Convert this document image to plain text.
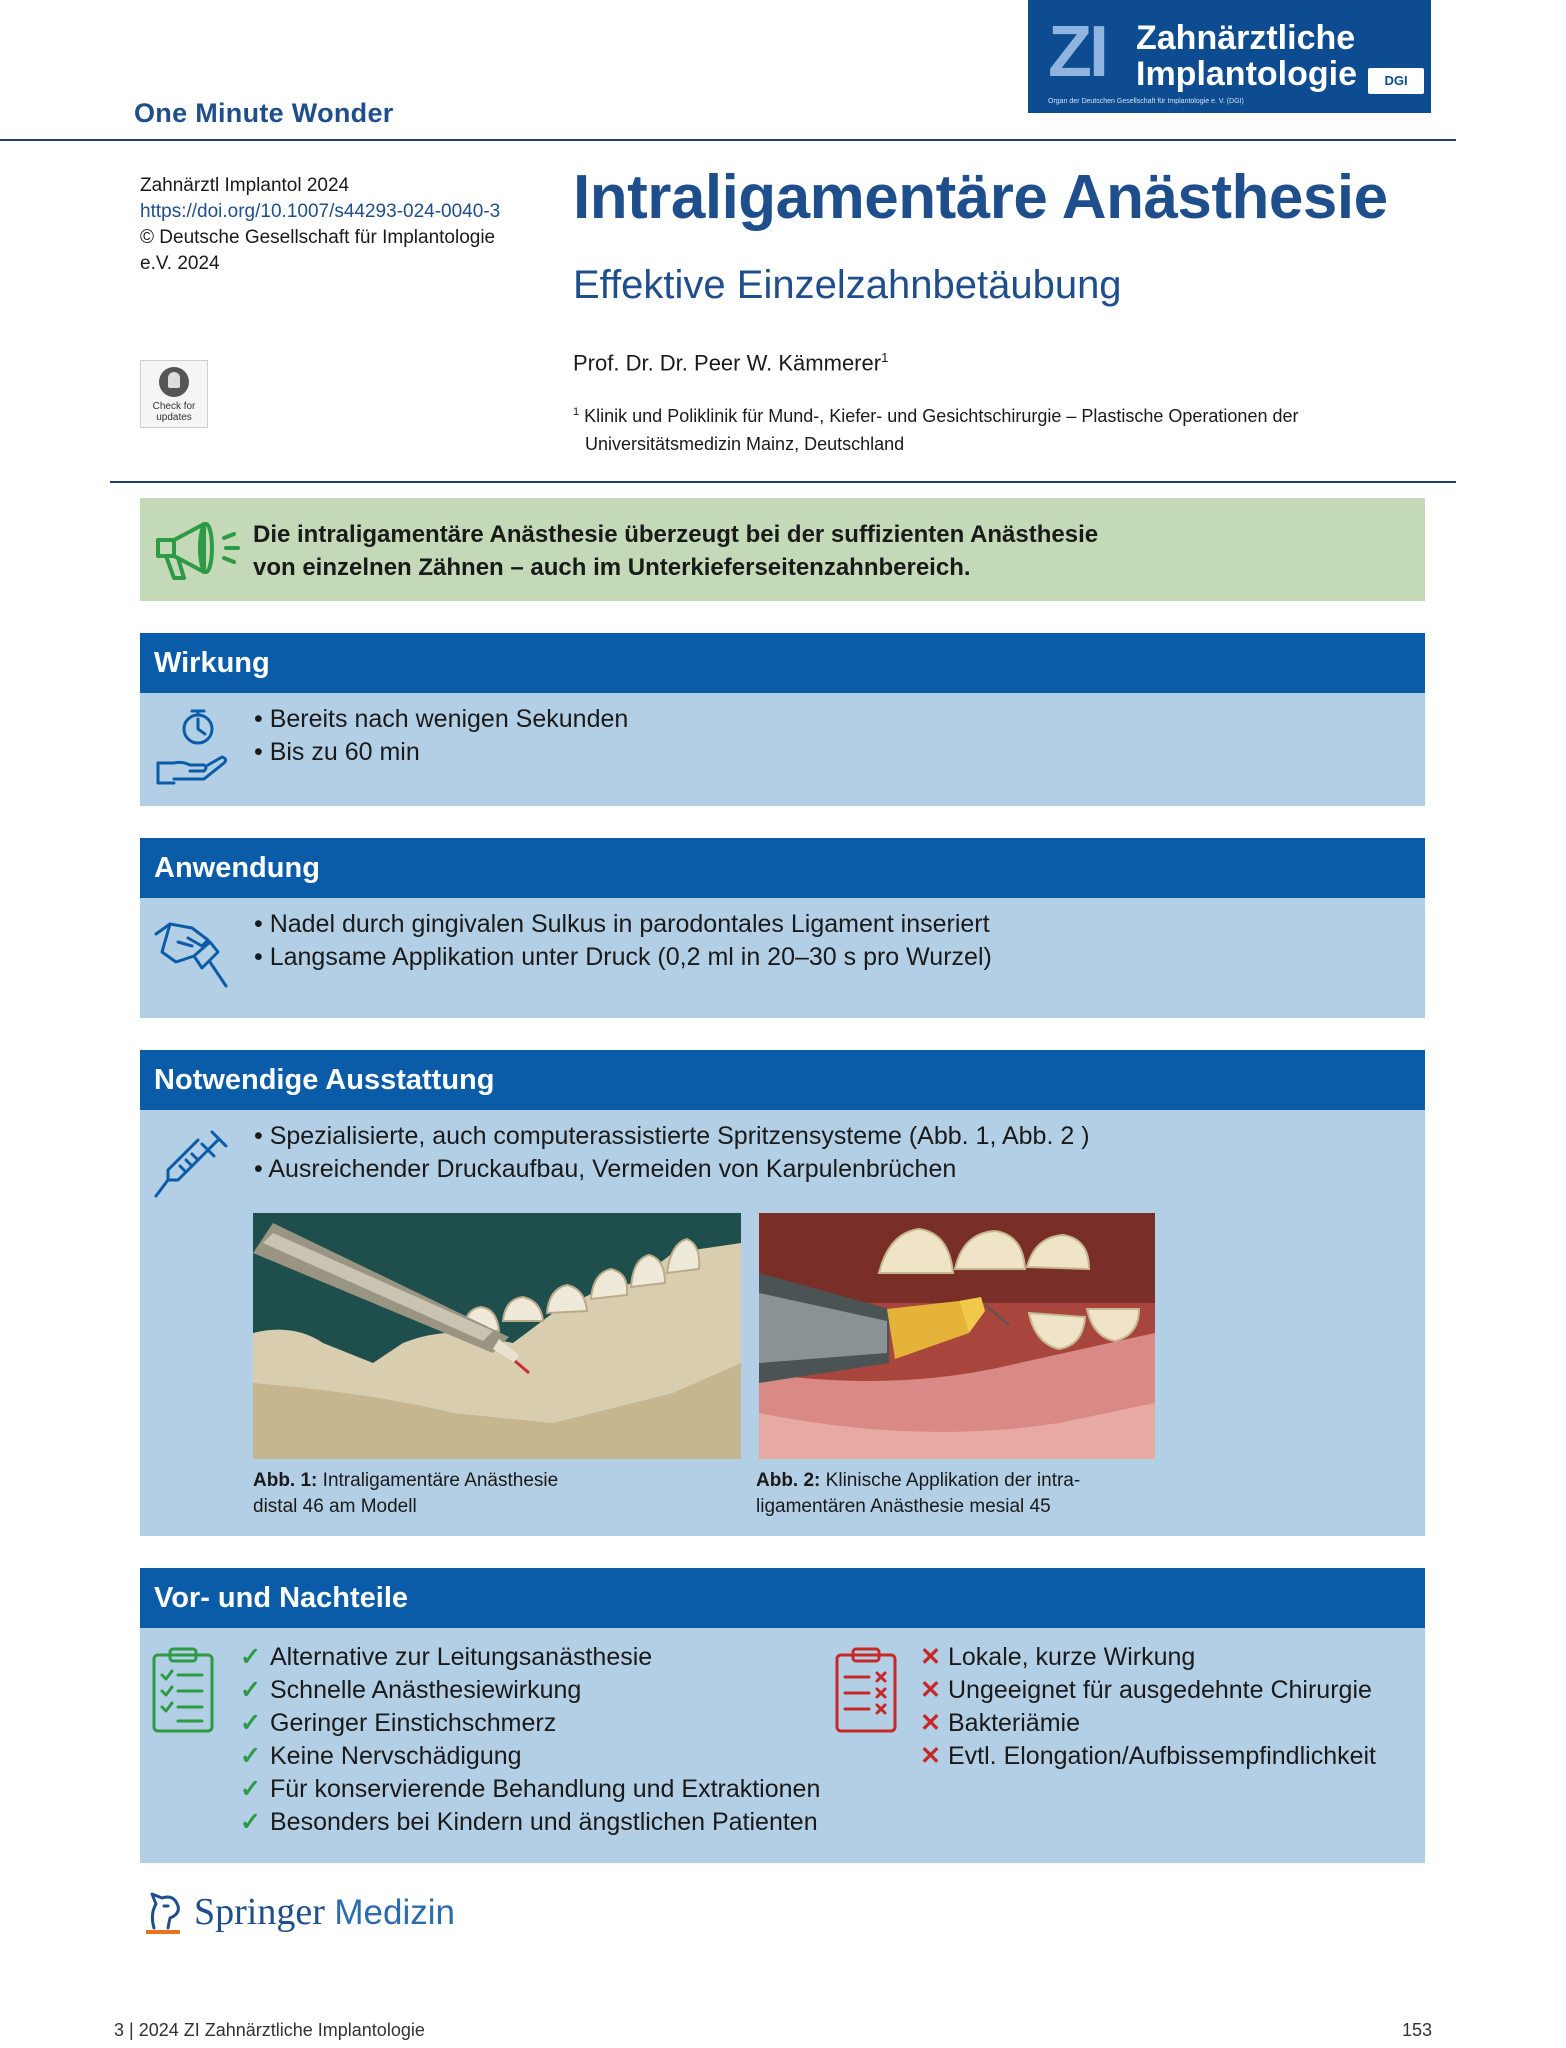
One Minute Wonder
ZI Zahnärztliche
Implantologie	DGI
Organ der Deutschen Gesellschaft für Implantologie e. V. (DGI)
Zahnärztl Implantol 2024
https://doi.org/10.1007/s44293-024-0040-3
© Deutsche Gesellschaft für Implantologie
e.V. 2024
Check for updates
Intraligamentäre Anästhesie
Effektive Einzelzahnbetäubung
Prof. Dr. Dr. Peer W. Kämmerer$^1$
$^1$ Klinik und Poliklinik für Mund-, Kiefer- und Gesichtschirurgie – Plastische Operationen der
Universitätsmedizin Mainz, Deutschland
Die intraligamentäre Anästhesie überzeugt bei der suffizienten Anästhesie
von einzelnen Zähnen – auch im Unterkieferseitenzahnbereich.
Wirkung
• Bereits nach wenigen Sekunden
• Bis zu 60 min
Anwendung
• Nadel durch gingivalen Sulkus in parodontales Ligament inseriert
• Langsame Applikation unter Druck (0,2 ml in 20–30 s pro Wurzel)
Notwendige Ausstattung
• Spezialisierte, auch computerassistierte Spritzensysteme (Abb. 1, Abb. 2 )
• Ausreichender Druckaufbau, Vermeiden von Karpulenbrüchen
Abb. 1: Intraligamentäre Anästhesie
distal 46 am Modell
Abb. 2: Klinische Applikation der intra-
ligamentären Anästhesie mesial 45
Vor- und Nachteile
✓ Alternative zur Leitungsanästhesie
✓ Schnelle Anästhesiewirkung
✓ Geringer Einstichschmerz
✓ Keine Nervschädigung
✓ Für konservierende Behandlung und Extraktionen
✓ Besonders bei Kindern und ängstlichen Patienten
✕ Lokale, kurze Wirkung
✕ Ungeeignet für ausgedehnte Chirurgie
✕ Bakteriämie
✕ Evtl. Elongation/Aufbissempfindlichkeit
Springer Medizin
3 | 2024 ZI Zahnärztliche Implantologie	153
